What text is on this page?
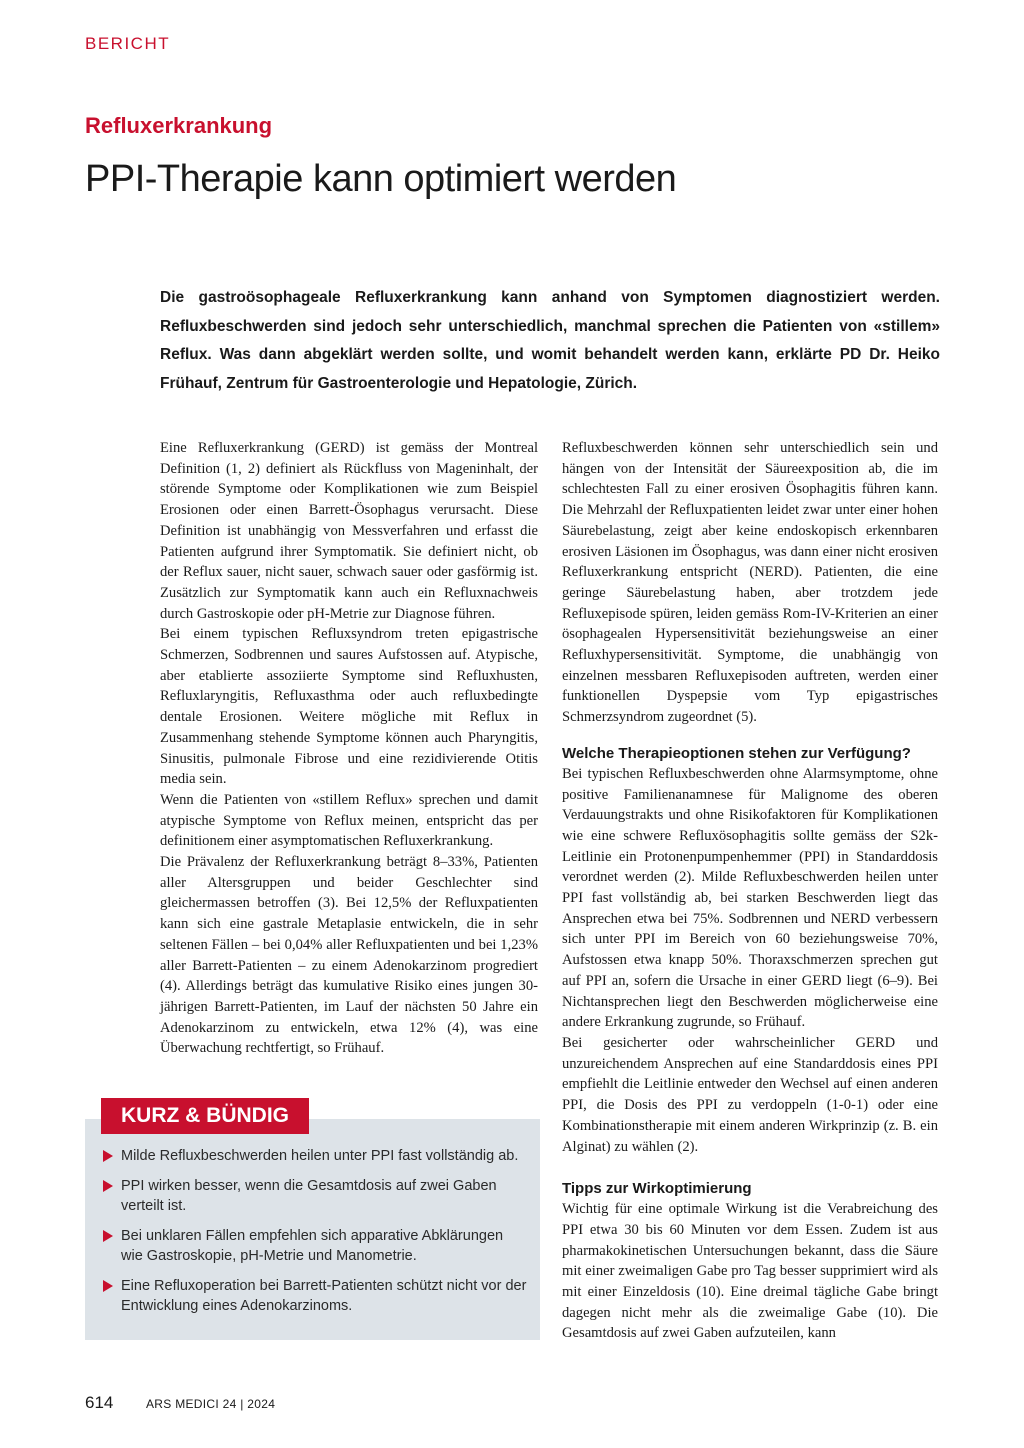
BERICHT
Refluxerkrankung
PPI-Therapie kann optimiert werden

Die gastroösophageale Refluxerkrankung kann anhand von Symptomen diagnostiziert werden. Refluxbeschwerden sind jedoch sehr unterschiedlich, manchmal sprechen die Patienten von «stillem» Reflux. Was dann abgeklärt werden sollte, und womit behandelt werden kann, erklärte PD Dr. Heiko Frühauf, Zentrum für Gastroenterologie und Hepatologie, Zürich.

Eine Refluxerkrankung (GERD) ist gemäss der Montreal Definition (1, 2) definiert als Rückfluss von Mageninhalt, der störende Symptome oder Komplikationen wie zum Beispiel Erosionen oder einen Barrett-Ösophagus verursacht. Diese Definition ist unabhängig von Messverfahren und erfasst die Patienten aufgrund ihrer Symptomatik. Sie definiert nicht, ob der Reflux sauer, nicht sauer, schwach sauer oder gasförmig ist. Zusätzlich zur Symptomatik kann auch ein Refluxnachweis durch Gastroskopie oder pH-Metrie zur Diagnose führen.

Bei einem typischen Refluxsyndrom treten epigastrische Schmerzen, Sodbrennen und saures Aufstossen auf. Atypische, aber etablierte assoziierte Symptome sind Refluxhusten, Refluxlaryngitis, Refluxasthma oder auch refluxbedingte dentale Erosionen. Weitere mögliche mit Reflux in Zusammenhang stehende Symptome können auch Pharyngitis, Sinusitis, pulmonale Fibrose und eine rezidivierende Otitis media sein.

Wenn die Patienten von «stillem Reflux» sprechen und damit atypische Symptome von Reflux meinen, entspricht das per definitionem einer asymptomatischen Refluxerkrankung.

Die Prävalenz der Refluxerkrankung beträgt 8–33%, Patienten aller Altersgruppen und beider Geschlechter sind gleichermassen betroffen (3). Bei 12,5% der Refluxpatienten kann sich eine gastrale Metaplasie entwickeln, die in sehr seltenen Fällen – bei 0,04% aller Refluxpatienten und bei 1,23% aller Barrett-Patienten – zu einem Adenokarzinom progrediert (4). Allerdings beträgt das kumulative Risiko eines jungen 30-jährigen Barrett-Patienten, im Lauf der nächsten 50 Jahre ein Adenokarzinom zu entwickeln, etwa 12% (4), was eine Überwachung rechtfertigt, so Frühauf.

Refluxbeschwerden können sehr unterschiedlich sein und hängen von der Intensität der Säureexposition ab, die im schlechtesten Fall zu einer erosiven Ösophagitis führen kann. Die Mehrzahl der Refluxpatienten leidet zwar unter einer hohen Säurebelastung, zeigt aber keine endoskopisch erkennbaren erosiven Läsionen im Ösophagus, was dann einer nicht erosiven Refluxerkrankung entspricht (NERD). Patienten, die eine geringe Säurebelastung haben, aber trotzdem jede Refluxepisode spüren, leiden gemäss Rom-IV-Kriterien an einer ösophagealen Hypersensitivität beziehungsweise an einer Refluxhypersensitivität. Symptome, die unabhängig von einzelnen messbaren Refluxepisoden auftreten, werden einer funktionellen Dyspepsie vom Typ epigastrisches Schmerzsyndrom zugeordnet (5).

Welche Therapieoptionen stehen zur Verfügung?

Bei typischen Refluxbeschwerden ohne Alarmsymptome, ohne positive Familienanamnese für Malignome des oberen Verdauungstrakts und ohne Risikofaktoren für Komplikationen wie eine schwere Refluxösophagitis sollte gemäss der S2k-Leitlinie ein Protonenpumpenhemmer (PPI) in Standarddosis verordnet werden (2). Milde Refluxbeschwerden heilen unter PPI fast vollständig ab, bei starken Beschwerden liegt das Ansprechen etwa bei 75%. Sodbrennen und NERD verbessern sich unter PPI im Bereich von 60 beziehungsweise 70%, Aufstossen etwa knapp 50%. Thoraxschmerzen sprechen gut auf PPI an, sofern die Ursache in einer GERD liegt (6–9). Bei Nichtansprechen liegt den Beschwerden möglicherweise eine andere Erkrankung zugrunde, so Frühauf.

Bei gesicherter oder wahrscheinlicher GERD und unzureichendem Ansprechen auf eine Standarddosis eines PPI empfiehlt die Leitlinie entweder den Wechsel auf einen anderen PPI, die Dosis des PPI zu verdoppeln (1-0-1) oder eine Kombinationstherapie mit einem anderen Wirkprinzip (z. B. ein Alginat) zu wählen (2).

Tipps zur Wirkoptimierung

Wichtig für eine optimale Wirkung ist die Verabreichung des PPI etwa 30 bis 60 Minuten vor dem Essen. Zudem ist aus pharmakokinetischen Untersuchungen bekannt, dass die Säure mit einer zweimaligen Gabe pro Tag besser supprimiert wird als mit einer Einzeldosis (10). Eine dreimal tägliche Gabe bringt dagegen nicht mehr als die zweimalige Gabe (10). Die Gesamtdosis auf zwei Gaben aufzuteilen, kann

KURZ & BÜNDIG
Milde Refluxbeschwerden heilen unter PPI fast vollständig ab.
PPI wirken besser, wenn die Gesamtdosis auf zwei Gaben verteilt ist.
Bei unklaren Fällen empfehlen sich apparative Abklärungen wie Gastroskopie, pH-Metrie und Manometrie.
Eine Refluxoperation bei Barrett-Patienten schützt nicht vor der Entwicklung eines Adenokarzinoms.
614	ARS MEDICI 24 | 2024
